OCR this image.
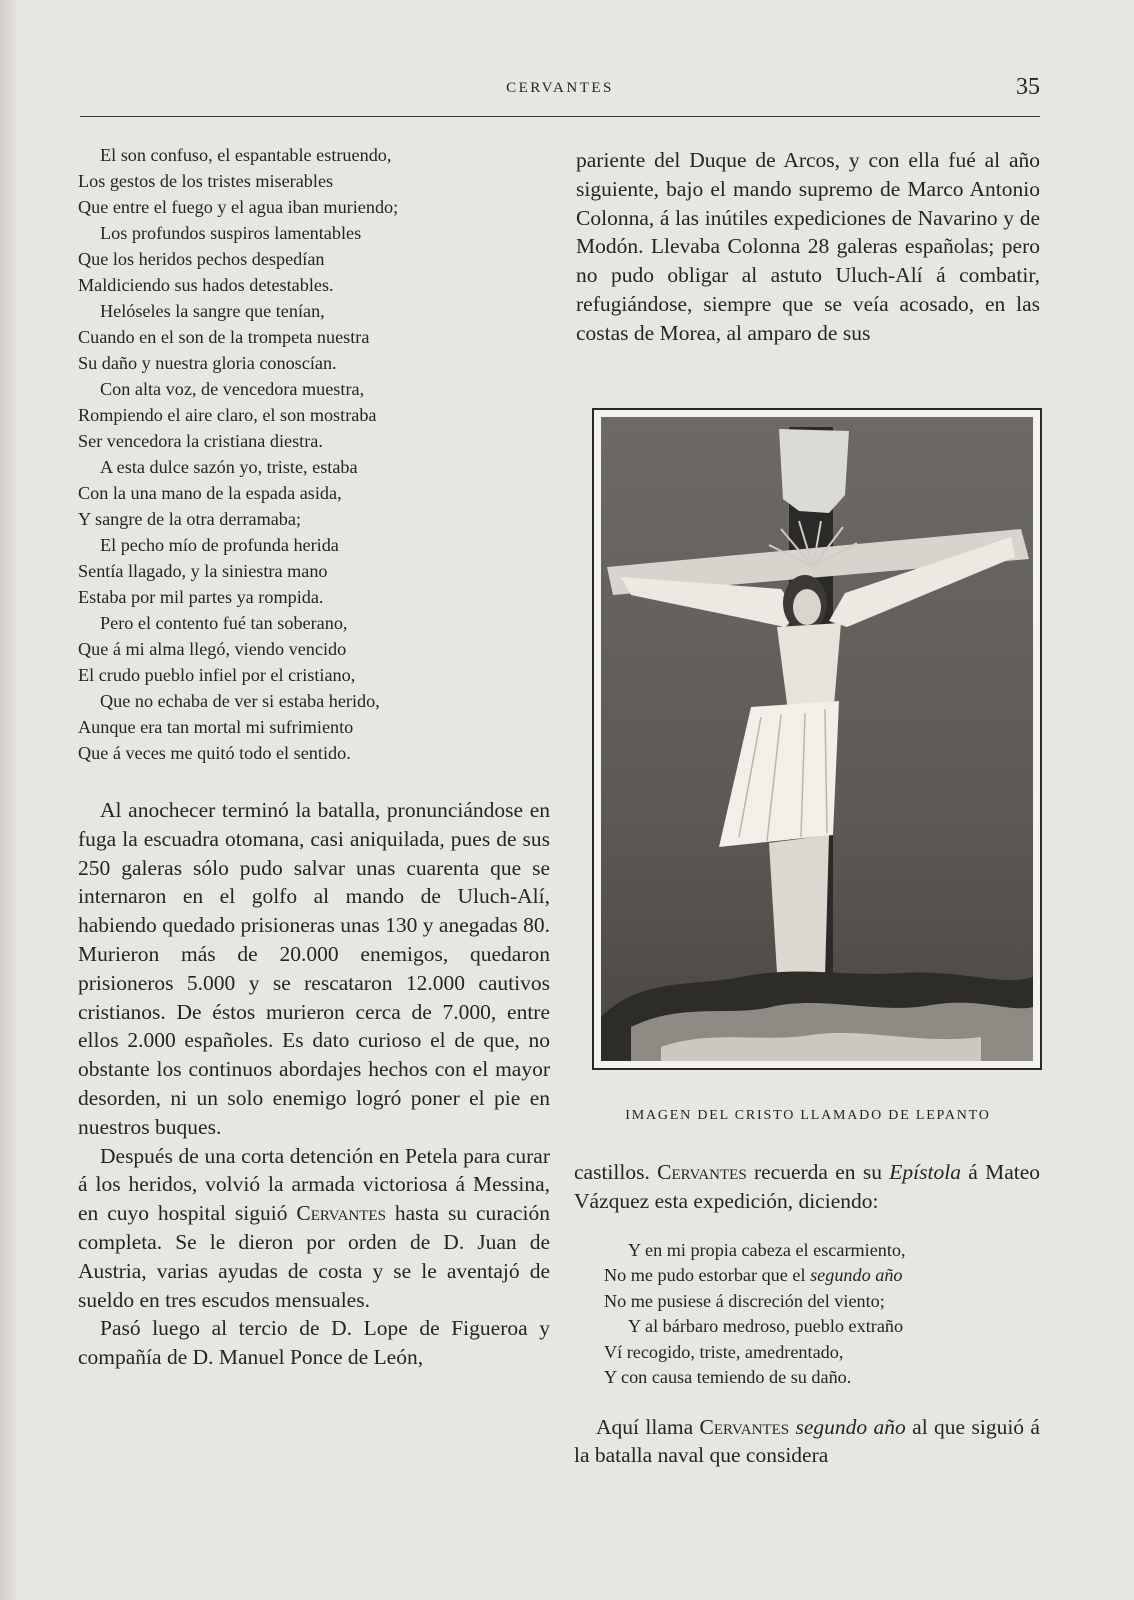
CERVANTES	35
El son confuso, el espantable estruendo,
Los gestos de los tristes miserables
Que entre el fuego y el agua iban muriendo;
Los profundos suspiros lamentables
Que los heridos pechos despedían
Maldiciendo sus hados detestables.
Helóseles la sangre que tenían,
Cuando en el son de la trompeta nuestra
Su daño y nuestra gloria conoscían.
Con alta voz, de vencedora muestra,
Rompiendo el aire claro, el son mostraba
Ser vencedora la cristiana diestra.
A esta dulce sazón yo, triste, estaba
Con la una mano de la espada asida,
Y sangre de la otra derramaba;
El pecho mío de profunda herida
Sentía llagado, y la siniestra mano
Estaba por mil partes ya rompida.
Pero el contento fué tan soberano,
Que á mi alma llegó, viendo vencido
El crudo pueblo infiel por el cristiano,
Que no echaba de ver si estaba herido,
Aunque era tan mortal mi sufrimiento
Que á veces me quitó todo el sentido.

Al anochecer terminó la batalla, pronunciándose en fuga la escuadra otomana, casi aniquilada, pues de sus 250 galeras sólo pudo salvar unas cuarenta que se internaron en el golfo al mando de Uluch-Alí, habiendo quedado prisioneras unas 130 y anegadas 80. Murieron más de 20.000 enemigos, quedaron prisioneros 5.000 y se rescataron 12.000 cautivos cristianos. De éstos murieron cerca de 7.000, entre ellos 2.000 españoles. Es dato curioso el de que, no obstante los continuos abordajes hechos con el mayor desorden, ni un solo enemigo logró poner el pie en nuestros buques.

Después de una corta detención en Petela para curar á los heridos, volvió la armada victoriosa á Messina, en cuyo hospital siguió Cervantes hasta su curación completa. Se le dieron por orden de D. Juan de Austria, varias ayudas de costa y se le aventajó de sueldo en tres escudos mensuales.

Pasó luego al tercio de D. Lope de Figueroa y compañía de D. Manuel Ponce de León,

pariente del Duque de Arcos, y con ella fué al año siguiente, bajo el mando supremo de Marco Antonio Colonna, á las inútiles expediciones de Navarino y de Modón. Llevaba Colonna 28 galeras españolas; pero no pudo obligar al astuto Uluch-Alí á combatir, refugiándose, siempre que se veía acosado, en las costas de Morea, al amparo de sus

IMAGEN DEL CRISTO LLAMADO DE LEPANTO

castillos. Cervantes recuerda en su Epístola á Mateo Vázquez esta expedición, diciendo:

Y en mi propia cabeza el escarmiento,
No me pudo estorbar que el segundo año
No me pusiese á discreción del viento;
Y al bárbaro medroso, pueblo extraño
Ví recogido, triste, amedrentado,
Y con causa temiendo de su daño.

Aquí llama Cervantes segundo año al que siguió á la batalla naval que considera
